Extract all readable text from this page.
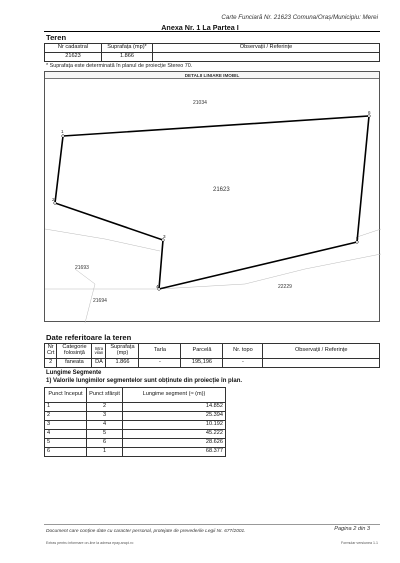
Carte Funciară Nr. 21623 Comuna/Oraș/Municipiu: Merei
Anexa Nr. 1 La Partea I
Teren
Nr cadastral	Suprafața (mp)*	Observații / Referințe
21623	1.866	
* Suprafața este determinată în planul de proiecție Stereo 70.
DETALII LINIARE IMOBIL
1
2
3
4
5
6
21623
21034
21693
21694
22229
Date referitoare la teren
Nr Crt	Categorie folosință	Intra vilan	Suprafața (mp)	Tarla	Parcelă	Nr. topo	Observații / Referințe
2	faneata	DA	1.866	-	195,196	-	
Lungime Segmente
1) Valorile lungimilor segmentelor sunt obținute din proiecție în plan.
Punct început	Punct sfârșit	Lungime segment (≈ (m))
1	2	14.852
2	3	25.394
3	4	10.192
4	5	45.222
5	6	28.626
6	1	68.377
Document care conține date cu caracter personal, protejate de prevederile Legii Nr. 677/2001.	Pagina 2 din 3
Extras pentru informare on-line la adresa epay.ancpi.ro	Formular versiunea 1.1
